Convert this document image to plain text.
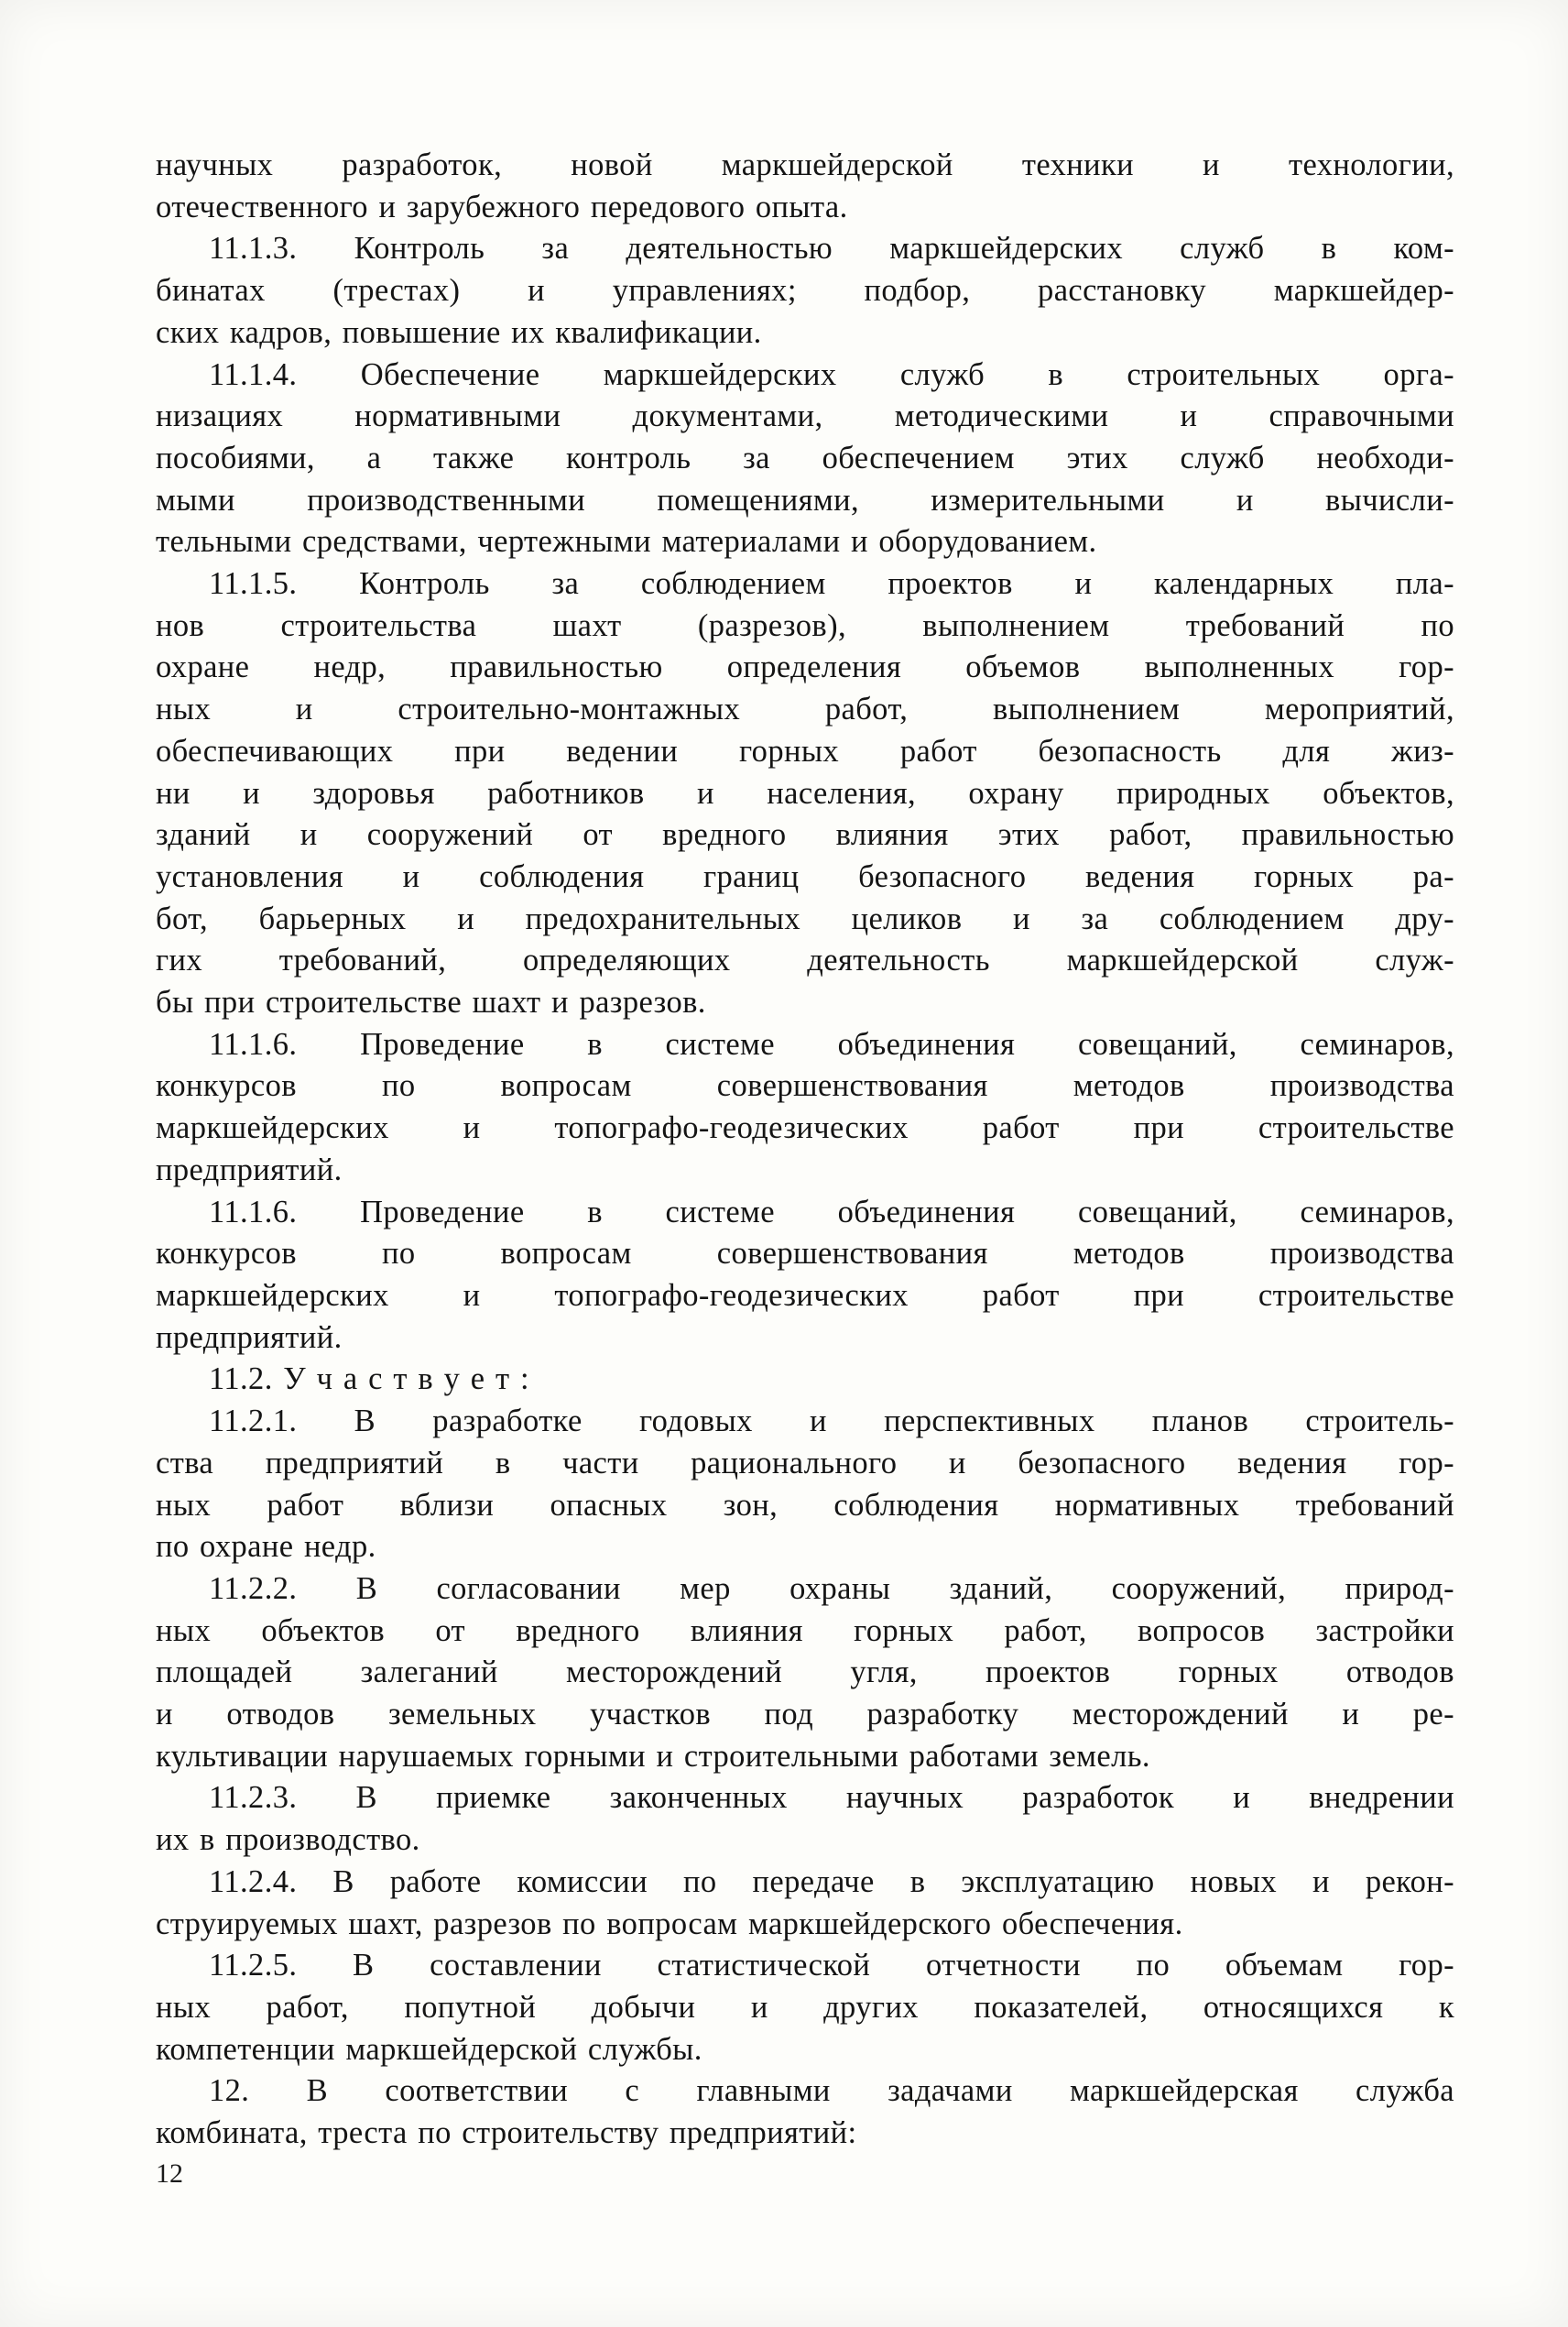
научных разработок, новой маркшейдерской техники и технологии,
отечественного и зарубежного передового опыта.
11.1.3. Контроль за деятельностью маркшейдерских служб в ком-
бинатах (трестах) и управлениях; подбор, расстановку маркшейдер-
ских кадров, повышение их квалификации.
11.1.4. Обеспечение маркшейдерских служб в строительных орга-
низациях нормативными документами, методическими и справочными
пособиями, а также контроль за обеспечением этих служб необходи-
мыми производственными помещениями, измерительными и вычисли-
тельными средствами, чертежными материалами и оборудованием.
11.1.5. Контроль за соблюдением проектов и календарных пла-
нов строительства шахт (разрезов), выполнением требований по
охране недр, правильностью определения объемов выполненных гор-
ных и строительно-монтажных работ, выполнением мероприятий,
обеспечивающих при ведении горных работ безопасность для жиз-
ни и здоровья работников и населения, охрану природных объектов,
зданий и сооружений от вредного влияния этих работ, правильностью
установления и соблюдения границ безопасного ведения горных ра-
бот, барьерных и предохранительных целиков и за соблюдением дру-
гих требований, определяющих деятельность маркшейдерской служ-
бы при строительстве шахт и разрезов.
11.1.6. Проведение в системе объединения совещаний, семинаров,
конкурсов по вопросам совершенствования методов производства
маркшейдерских и топографо-геодезических работ при строительстве
предприятий.
11.1.6. Проведение в системе объединения совещаний, семинаров,
конкурсов по вопросам совершенствования методов производства
маркшейдерских и топографо-геодезических работ при строительстве
предприятий.
11.2. У ч а с т в у е т :
11.2.1. В разработке годовых и перспективных планов строитель-
ства предприятий в части рационального и безопасного ведения гор-
ных работ вблизи опасных зон, соблюдения нормативных требований
по охране недр.
11.2.2. В согласовании мер охраны зданий, сооружений, природ-
ных объектов от вредного влияния горных работ, вопросов застройки
площадей залеганий месторождений угля, проектов горных отводов
и отводов земельных участков под разработку месторождений и ре-
культивации нарушаемых горными и строительными работами земель.
11.2.3. В приемке законченных научных разработок и внедрении
их в производство.
11.2.4. В работе комиссии по передаче в эксплуатацию новых и рекон-
струируемых шахт, разрезов по вопросам маркшейдерского обеспечения.
11.2.5. В составлении статистической отчетности по объемам гор-
ных работ, попутной добычи и других показателей, относящихся к
компетенции маркшейдерской службы.
12. В соответствии с главными задачами маркшейдерская служба
комбината, треста по строительству предприятий:
12
